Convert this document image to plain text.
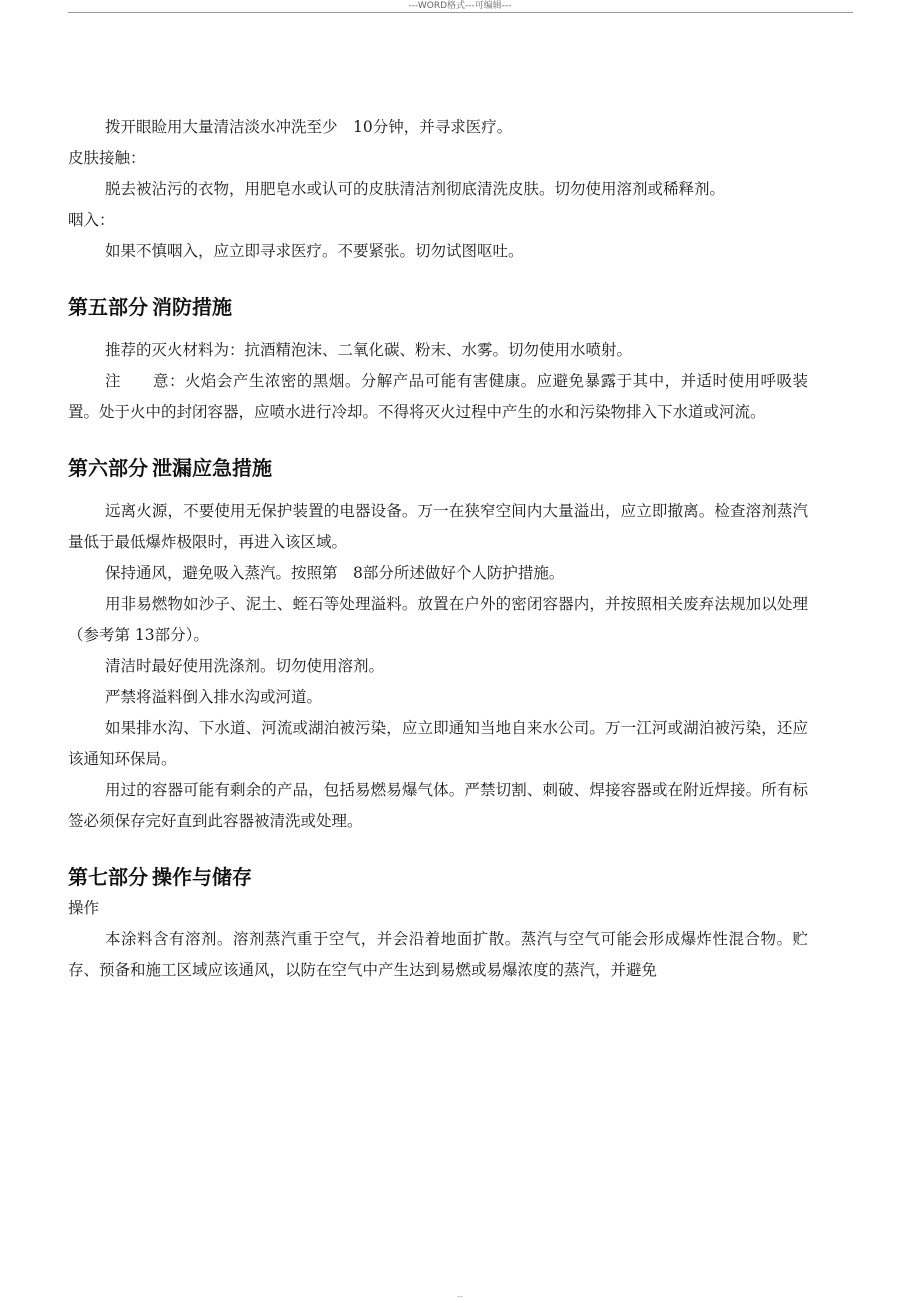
---WORD格式---可编辑---

拨开眼睑用大量清洁淡水冲洗至少　10分钟，并寻求医疗。

皮肤接触：

脱去被沾污的衣物，用肥皂水或认可的皮肤清洁剂彻底清洗皮肤。切勿使用溶剂或稀释剂。

咽入：

如果不慎咽入，应立即寻求医疗。不要紧张。切勿试图呕吐。

第五部分 消防措施

推荐的灭火材料为：抗酒精泡沫、二氧化碳、粉末、水雾。切勿使用水喷射。

注　　意：火焰会产生浓密的黑烟。分解产品可能有害健康。应避免暴露于其中，并适时使用呼吸装置。处于火中的封闭容器，应喷水进行冷却。不得将灭火过程中产生的水和污染物排入下水道或河流。

第六部分 泄漏应急措施

远离火源，不要使用无保护装置的电器设备。万一在狭窄空间内大量溢出，应立即撤离。检查溶剂蒸汽量低于最低爆炸极限时，再进入该区域。

保持通风，避免吸入蒸汽。按照第　8部分所述做好个人防护措施。

用非易燃物如沙子、泥土、蛭石等处理溢料。放置在户外的密闭容器内，并按照相关废弃法规加以处理（参考第 13部分）。

清洁时最好使用洗涤剂。切勿使用溶剂。

严禁将溢料倒入排水沟或河道。

如果排水沟、下水道、河流或湖泊被污染，应立即通知当地自来水公司。万一江河或湖泊被污染，还应该通知环保局。

用过的容器可能有剩余的产品，包括易燃易爆气体。严禁切割、刺破、焊接容器或在附近焊接。所有标签必须保存完好直到此容器被清洗或处理。

第七部分 操作与储存

操作

本涂料含有溶剂。溶剂蒸汽重于空气，并会沿着地面扩散。蒸汽与空气可能会形成爆炸性混合物。贮存、预备和施工区域应该通风，以防在空气中产生达到易燃或易爆浓度的蒸汽，并避免

--
